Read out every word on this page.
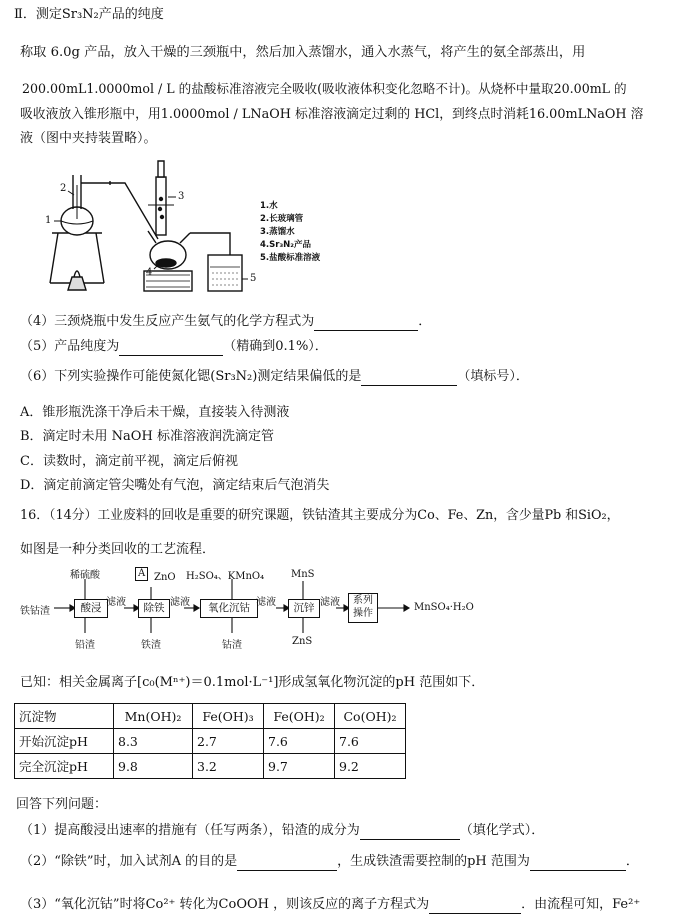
Ⅱ．测定Sr₃N₂产品的纯度
称取 6.0g 产品，放入干燥的三颈瓶中，然后加入蒸馏水，通入水蒸气，将产生的氨全部蒸出，用
200.00mL1.0000mol / L 的盐酸标准溶液完全吸收(吸收液体积变化忽略不计)。从烧杯中量取20.00mL 的
吸收液放入锥形瓶中，用1.0000mol / LNaOH 标准溶液滴定过剩的 HCl，到终点时消耗16.00mLNaOH 溶
液（图中夹持装置略）。
1
2
3
4
5
1.水
2.长玻璃管
3.蒸馏水
4.Sr₃N₂产品
5.盐酸标准溶液
（4）三颈烧瓶中发生反应产生氨气的化学方程式为	．
（5）产品纯度为	（精确到0.1%）．
（6）下列实验操作可能使氮化锶(Sr₃N₂)测定结果偏低的是	（填标号）．
A．锥形瓶洗涤干净后未干燥，直接装入待测液
B．滴定时未用 NaOH 标准溶液润洗滴定管
C．读数时，滴定前平视，滴定后俯视
D．滴定前滴定管尖嘴处有气泡，滴定结束后气泡消失
16．（14分）工业废料的回收是重要的研究课题，铁钴渣其主要成分为Co、Fe、Zn，含少量Pb 和SiO₂，
如图是一种分类回收的工艺流程．
铁钴渣	酸浸	除铁	氧化沉钴	沉锌
系列
操作
MnSO₄·H₂O
稀硫酸	A ZnO H₂SO₄、KMnO₄	MnS
滤液	滤液	滤液	滤液
铅渣	铁渣	钴渣	ZnS
已知：相关金属离子[c₀(Mⁿ⁺)＝0.1mol·L⁻¹]形成氢氧化物沉淀的pH 范围如下．
沉淀物	Mn(OH)₂	Fe(OH)₃	Fe(OH)₂	Co(OH)₂
开始沉淀pH	8.3	2.7	7.6	7.6
完全沉淀pH	9.8	3.2	9.7	9.2
回答下列问题：
（1）提高酸浸出速率的措施有（任写两条），铅渣的成分为	（填化学式）．
（2）“除铁”时，加入试剂A 的目的是	，生成铁渣需要控制的pH 范围为	．
（3）“氧化沉钴”时将Co²⁺ 转化为CoOOH ，则该反应的离子方程式为	．由流程可知，Fe²⁺
